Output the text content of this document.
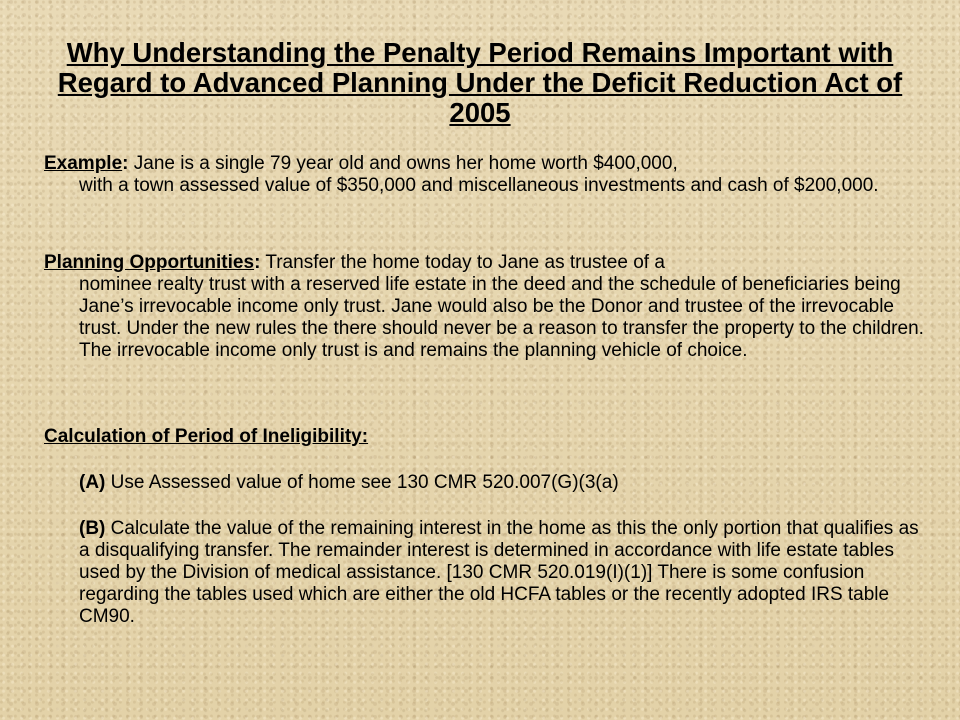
Why Understanding the Penalty Period Remains Important with Regard to Advanced Planning Under the Deficit Reduction Act of 2005
Example: Jane is a single 79 year old and owns her home worth $400,000,
with a town assessed value of $350,000 and miscellaneous investments and cash of $200,000.
Planning Opportunities: Transfer the home today to Jane as trustee of a
nominee realty trust with a reserved life estate in the deed and the schedule of beneficiaries being Jane’s irrevocable income only trust. Jane would also be the Donor and trustee of the irrevocable trust. Under the new rules the there should never be a reason to transfer the property to the children. The irrevocable income only trust is and remains the planning vehicle of choice.
Calculation of Period of Ineligibility:
(A) Use Assessed value of home see 130 CMR 520.007(G)(3(a)
(B) Calculate the value of the remaining interest in the home as this the only portion that qualifies as a disqualifying transfer. The remainder interest is determined in accordance with life estate tables used by the Division of medical assistance. [130 CMR 520.019(I)(1)] There is some confusion regarding the tables used which are either the old HCFA tables or the recently adopted IRS table CM90.
